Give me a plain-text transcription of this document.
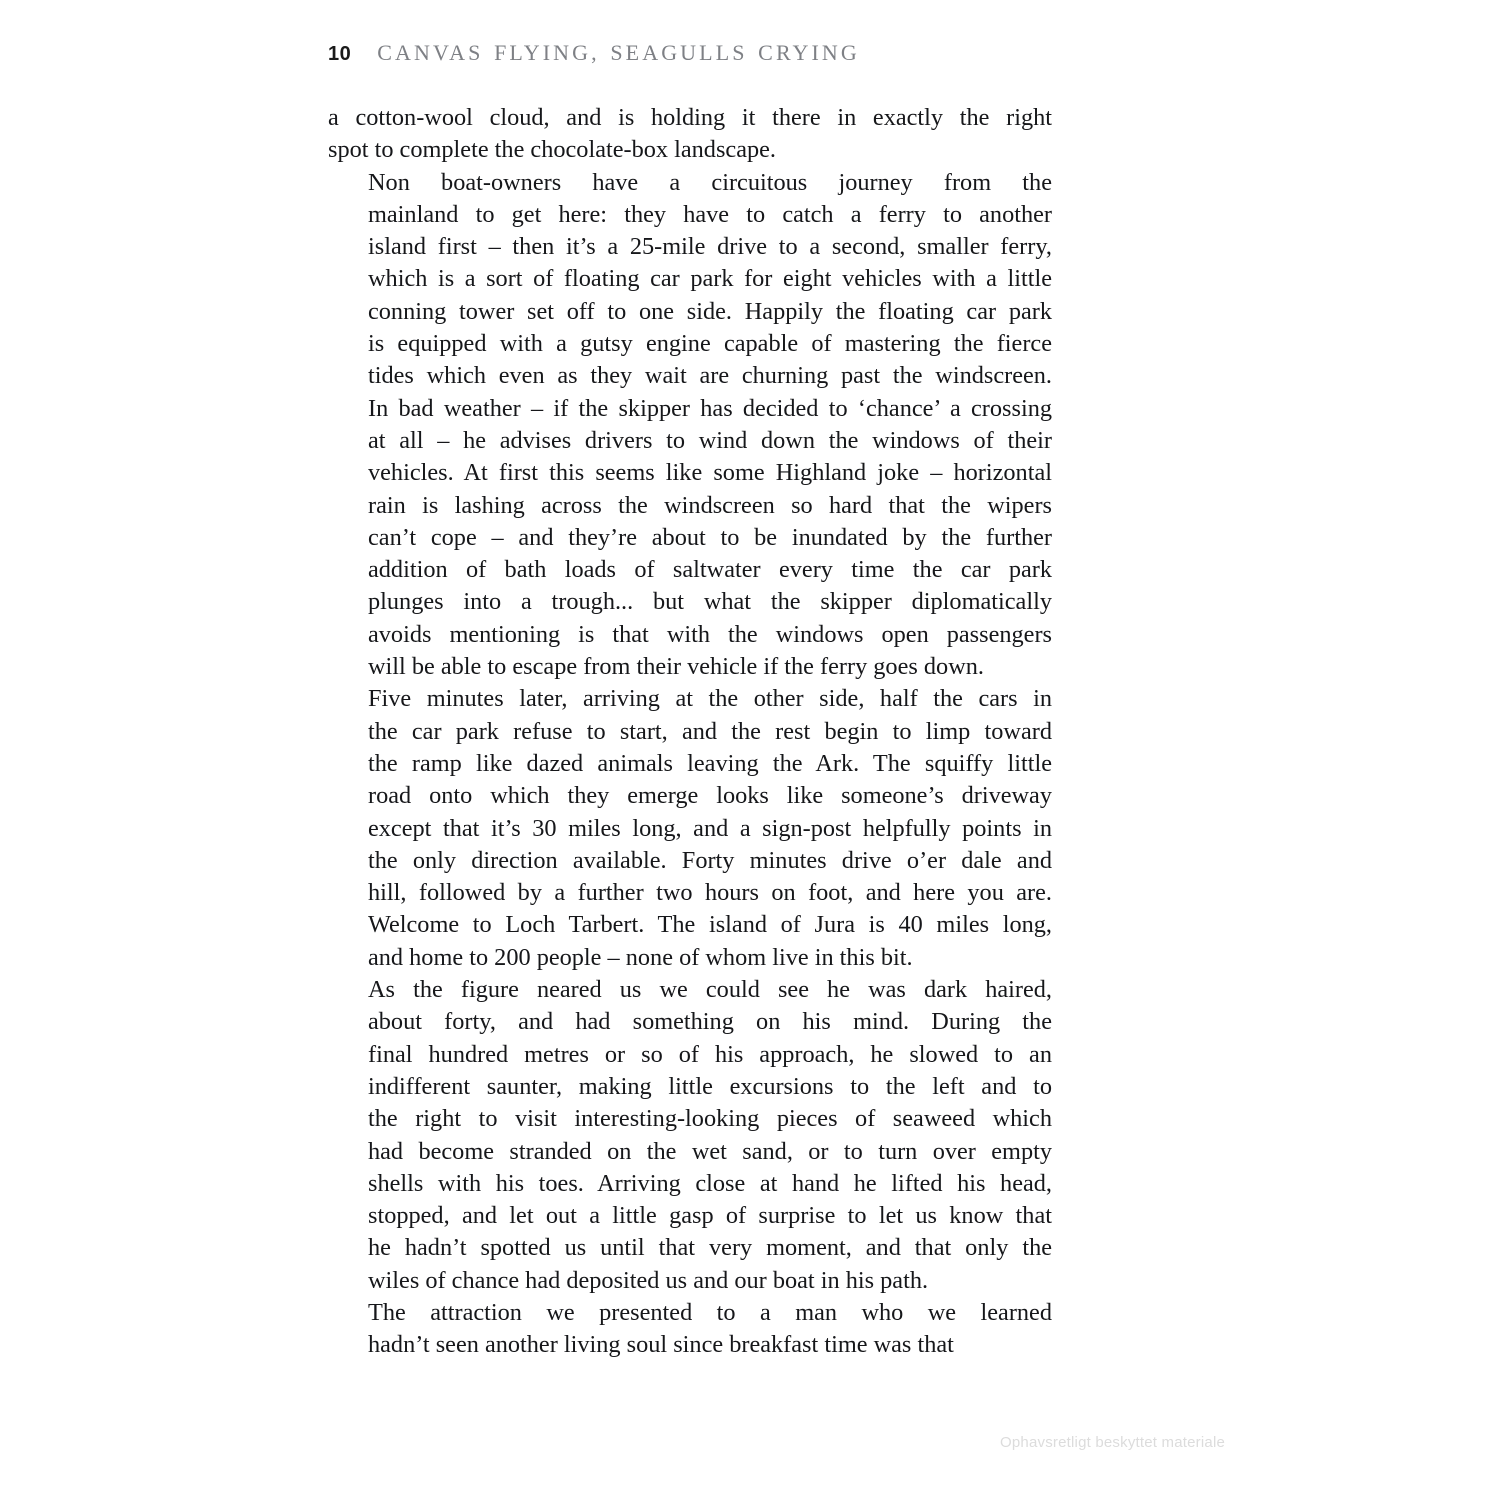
10 CANVAS FLYING, SEAGULLS CRYING

a cotton-wool cloud, and is holding it there in exactly the right
spot to complete the chocolate-box landscape.

Non boat-owners have a circuitous journey from the
mainland to get here: they have to catch a ferry to another
island first – then it’s a 25-mile drive to a second, smaller ferry,
which is a sort of floating car park for eight vehicles with a little
conning tower set off to one side. Happily the floating car park
is equipped with a gutsy engine capable of mastering the fierce
tides which even as they wait are churning past the windscreen.
In bad weather – if the skipper has decided to ‘chance’ a crossing
at all – he advises drivers to wind down the windows of their
vehicles. At first this seems like some Highland joke – horizontal
rain is lashing across the windscreen so hard that the wipers
can’t cope – and they’re about to be inundated by the further
addition of bath loads of saltwater every time the car park
plunges into a trough... but what the skipper diplomatically
avoids mentioning is that with the windows open passengers
will be able to escape from their vehicle if the ferry goes down.

Five minutes later, arriving at the other side, half the cars in
the car park refuse to start, and the rest begin to limp toward
the ramp like dazed animals leaving the Ark. The squiffy little
road onto which they emerge looks like someone’s driveway
except that it’s 30 miles long, and a sign-post helpfully points in
the only direction available. Forty minutes drive o’er dale and
hill, followed by a further two hours on foot, and here you are.
Welcome to Loch Tarbert. The island of Jura is 40 miles long,
and home to 200 people – none of whom live in this bit.

As the figure neared us we could see he was dark haired,
about forty, and had something on his mind. During the
final hundred metres or so of his approach, he slowed to an
indifferent saunter, making little excursions to the left and to
the right to visit interesting-looking pieces of seaweed which
had become stranded on the wet sand, or to turn over empty
shells with his toes. Arriving close at hand he lifted his head,
stopped, and let out a little gasp of surprise to let us know that
he hadn’t spotted us until that very moment, and that only the
wiles of chance had deposited us and our boat in his path.

The attraction we presented to a man who we learned
hadn’t seen another living soul since breakfast time was that

Ophavsretligt beskyttet materiale
